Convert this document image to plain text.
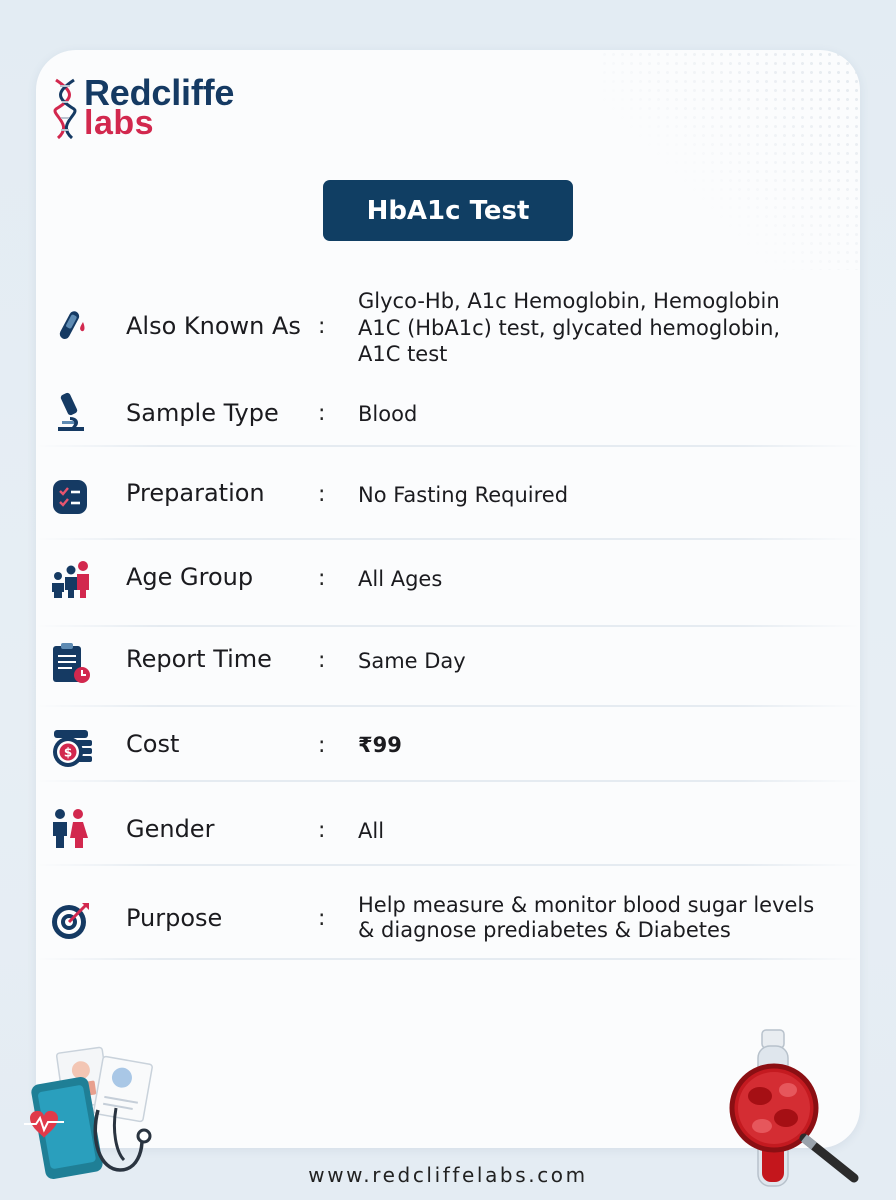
Redcliffe
labs
HbA1c Test
Also Known As :
Glyco-Hb, A1c Hemoglobin, Hemoglobin
A1C (HbA1c) test, glycated hemoglobin,
A1C test
Sample Type : Blood
Preparation : No Fasting Required
Age Group	: All Ages
Report Time : Same Day
$ Cost	: ₹99
Gender	: All
Purpose	:
Help measure & monitor blood sugar levels
& diagnose prediabetes & Diabetes
www.redcliffelabs.com
